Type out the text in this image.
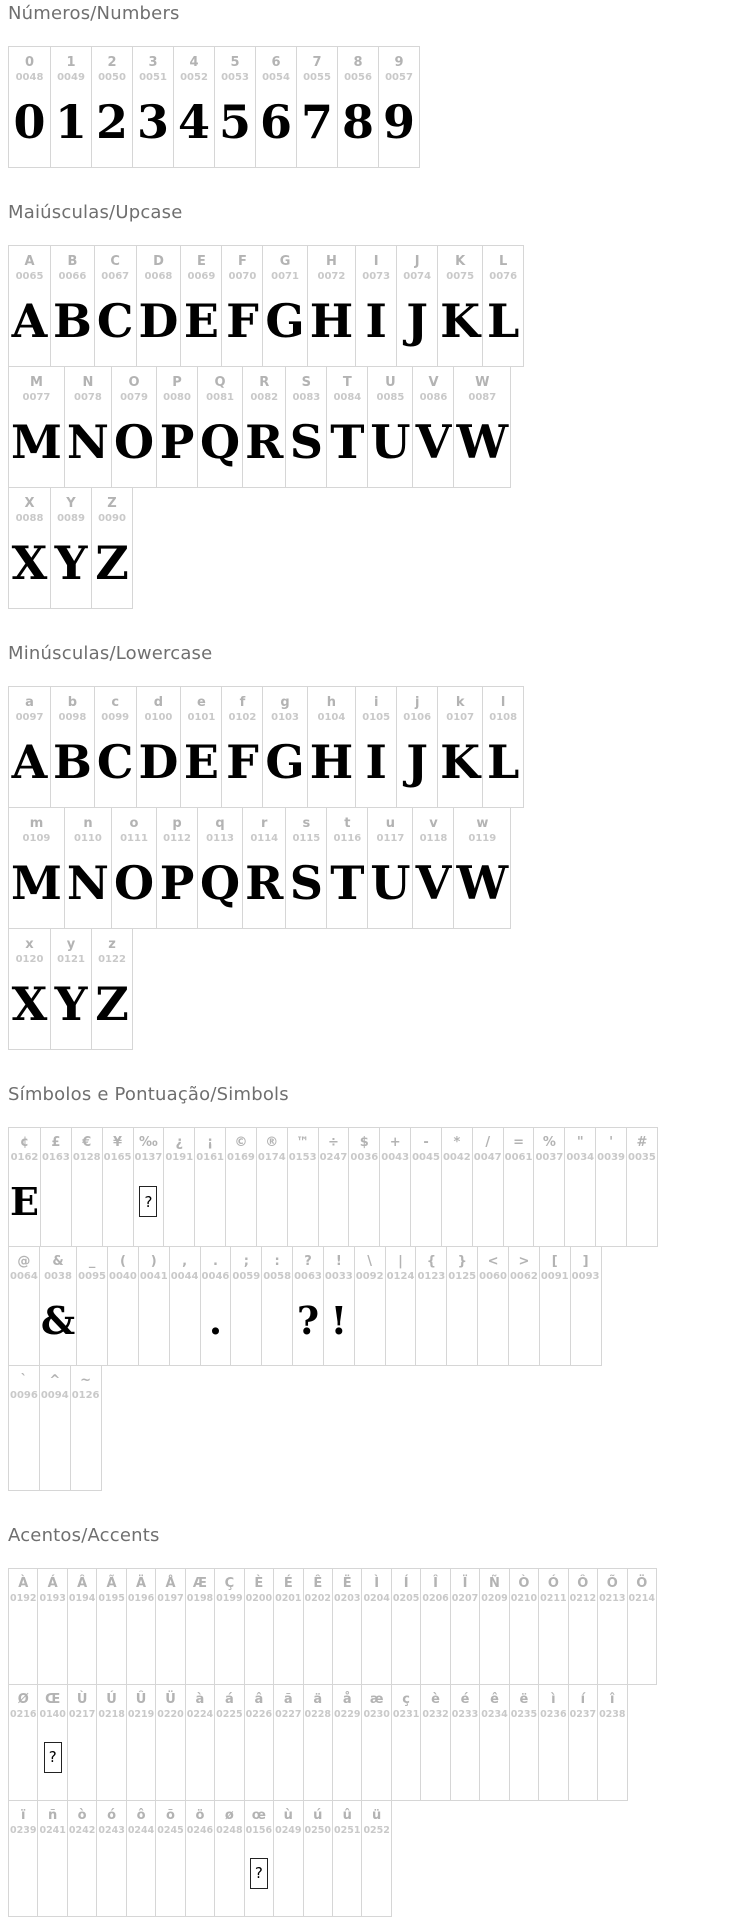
Números/Numbers
0
0048
0
1
0049
1
2
0050
2
3
0051
3
4
0052
4
5
0053
5
6
0054
6
7
0055
7
8
0056
8
9
0057
9
Maiúsculas/Upcase
A
0065
A
B
0066
B
C
0067
C
D
0068
D
E
0069
E
F
0070
F
G
0071
G
H
0072
H
I
0073
I
J
0074
J
K
0075
K
L
0076
L
M
0077
M
N
0078
N
O
0079
O
P
0080
P
Q
0081
Q
R
0082
R
S
0083
S
T
0084
T
U
0085
U
V
0086
V
W
0087
W
X
0088
X
Y
0089
Y
Z
0090
Z
Minúsculas/Lowercase
a
0097
A
b
0098
B
c
0099
C
d
0100
D
e
0101
E
f
0102
F
g
0103
G
h
0104
H
i
0105
I
j
0106
J
k
0107
K
l
0108
L
m
0109
M
n
0110
N
o
0111
O
p
0112
P
q
0113
Q
r
0114
R
s
0115
S
t
0116
T
u
0117
U
v
0118
V
w
0119
W
x
0120
X
y
0121
Y
z
0122
Z
Símbolos e Pontuação/Simbols
¢
0162
E
£
0163
€
0128
¥
0165
‰
0137
?
¿
0191
¡
0161
©
0169
®
0174
™
0153
÷
0247
$
0036
+
0043
-
0045
*
0042
/
0047
=
0061
%
0037
"
0034
'
0039
#
0035
@
0064
&
0038
&
_
0095
(
0040
)
0041
,
0044
.
0046
.
;
0059
:
0058
?
0063
?
!
0033
!
\
0092
|
0124
{
0123
}
0125
<
0060
>
0062
[
0091
]
0093
`
0096
^
0094
~
0126
Acentos/Accents
À
0192
Á
0193
Â
0194
Ã
0195
Ä
0196
Å
0197
Æ
0198
Ç
0199
È
0200
É
0201
Ê
0202
Ë
0203
Ì
0204
Í
0205
Î
0206
Ï
0207
Ñ
0209
Ò
0210
Ó
0211
Ô
0212
Õ
0213
Ö
0214
Ø
0216
Œ
0140
?
Ù
0217
Ú
0218
Û
0219
Ü
0220
à
0224
á
0225
â
0226
ã
0227
ä
0228
å
0229
æ
0230
ç
0231
è
0232
é
0233
ê
0234
ë
0235
ì
0236
í
0237
î
0238
ï
0239
ñ
0241
ò
0242
ó
0243
ô
0244
õ
0245
ö
0246
ø
0248
œ
0156
?
ù
0249
ú
0250
û
0251
ü
0252
